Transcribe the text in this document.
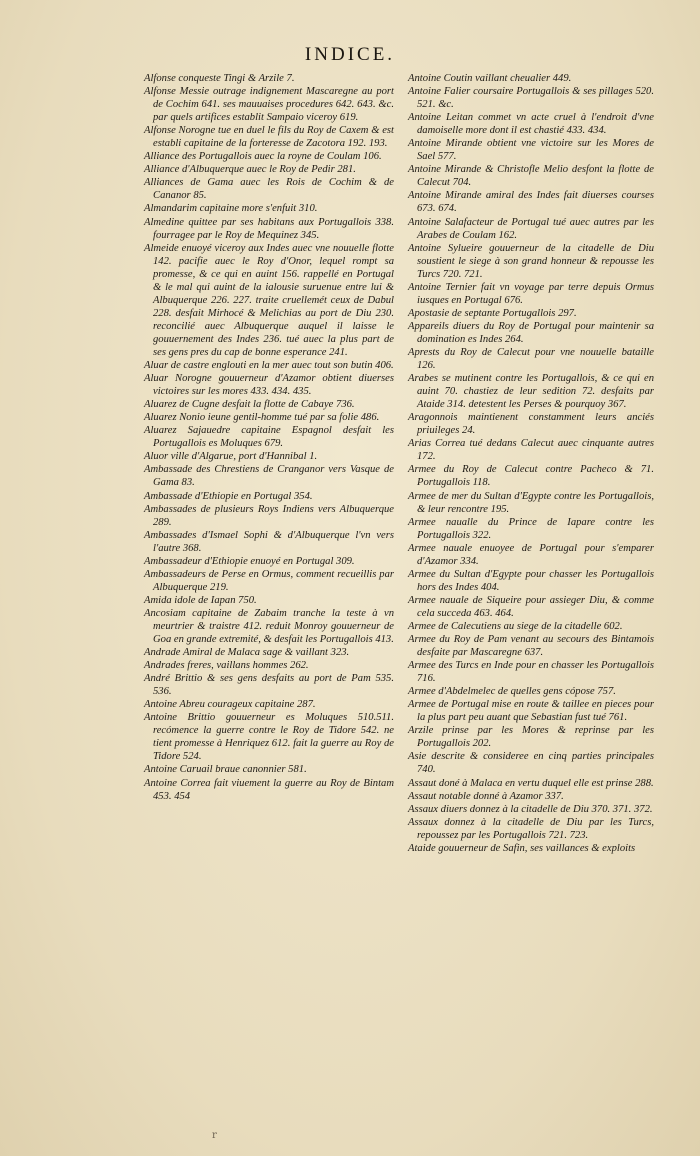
INDICE.

Alfonse conqueste Tingi & Arzile 7.

Alfonse Messie outrage indignement Mascaregne au port de Cochim 641. ses mauuaises procedures 642. 643. &c. par quels artifices establit Sampaio viceroy 619.

Alfonse Norogne tue en duel le fils du Roy de Caxem & est establi capitaine de la forteresse de Zacotora 192. 193.

Alliance des Portugallois auec la royne de Coulam 106.

Alliance d'Albuquerque auec le Roy de Pedir 281.

Alliances de Gama auec les Rois de Cochim & de Cananor 85.

Almandarim capitaine more s'enfuit 310.

Almedine quittee par ses habitans aux Portugallois 338. fourragee par le Roy de Mequinez 345.

Almeide enuoyé viceroy aux Indes auec vne nouuelle flotte 142. pacifie auec le Roy d'Onor, lequel rompt sa promesse, & ce qui en auint 156. rappellé en Portugal & le mal qui auint de la ialousie suruenue entre lui & Albuquerque 226. 227. traite cruellemét ceux de Dabul 228. desfait Mirhocé & Melichias au port de Diu 230. reconcilié auec Albuquerque auquel il laisse le gouuernement des Indes 236. tué auec la plus part de ses gens pres du cap de bonne esperance 241.

Aluar de castre englouti en la mer auec tout son butin 406.

Aluar Norogne gouuerneur d'Azamor obtient diuerses victoires sur les mores 433. 434. 435.

Aluarez de Cugne desfait la flotte de Cabaye 736.

Aluarez Nonio ieune gentil-homme tué par sa folie 486.

Aluarez Sajauedre capitaine Espagnol desfait les Portugallois es Moluques 679.

Aluor ville d'Algarue, port d'Hannibal 1.

Ambassade des Chrestiens de Cranganor vers Vasque de Gama 83.

Ambassade d'Ethiopie en Portugal 354.

Ambassades de plusieurs Roys Indiens vers Albuquerque 289.

Ambassades d'Ismael Sophi & d'Albuquerque l'vn vers l'autre 368.

Ambassadeur d'Ethiopie enuoyé en Portugal 309.

Ambassadeurs de Perse en Ormus, comment recueillis par Albuquerque 219.

Amida idole de Iapan 750.

Ancosiam capitaine de Zabaim tranche la teste à vn meurtrier & traistre 412. reduit Monroy gouuerneur de Goa en grande extremité, & desfait les Portugallois 413.

Andrade Amiral de Malaca sage & vaillant 323.

Andrades freres, vaillans hommes 262.

André Brittio & ses gens desfaits au port de Pam 535. 536.

Antoine Abreu courageux capitaine 287.

Antoine Brittio gouuerneur es Moluques 510.511. recómence la guerre contre le Roy de Tidore 542. ne tient promesse à Henriquez 612. fait la guerre au Roy de Tidore 524.

Antoine Caruail braue canonnier 581.

Antoine Correa fait viuement la guerre au Roy de Bintam 453. 454

Antoine Coutin vaillant cheualier 449.

Antoine Falier coursaire Portugallois & ses pillages 520. 521. &c.

Antoine Leitan commet vn acte cruel à l'endroit d'vne damoiselle more dont il est chastié 433. 434.

Antoine Mirande obtient vne victoire sur les Mores de Sael 577.

Antoine Mirande & Christofle Melio desfont la flotte de Calecut 704.

Antoine Mirande amiral des Indes fait diuerses courses 673. 674.

Antoine Salafacteur de Portugal tué auec autres par les Arabes de Coulam 162.

Antoine Sylueire gouuerneur de la citadelle de Diu soustient le siege à son grand honneur & repousse les Turcs 720. 721.

Antoine Ternier fait vn voyage par terre depuis Ormus iusques en Portugal 676.

Apostasie de septante Portugallois 297.

Appareils diuers du Roy de Portugal pour maintenir sa domination es Indes 264.

Aprests du Roy de Calecut pour vne nouuelle bataille 126.

Arabes se mutinent contre les Portugallois, & ce qui en auint 70. chastiez de leur sedition 72. desfaits par Ataide 314. detestent les Perses & pourquoy 367.

Aragonnois maintienent constamment leurs anciés priuileges 24.

Arias Correa tué dedans Calecut auec cinquante autres 172.

Armee du Roy de Calecut contre Pacheco & 71. Portugallois 118.

Armee de mer du Sultan d'Egypte contre les Portugallois, & leur rencontre 195.

Armee naualle du Prince de Iapare contre les Portugallois 322.

Armee nauale enuoyee de Portugal pour s'emparer d'Azamor 334.

Armee du Sultan d'Egypte pour chasser les Portugallois hors des Indes 404.

Armee nauale de Siqueire pour assieger Diu, & comme cela succeda 463. 464.

Armee de Calecutiens au siege de la citadelle 602.

Armee du Roy de Pam venant au secours des Bintamois desfaite par Mascaregne 637.

Armee des Turcs en Inde pour en chasser les Portugallois 716.

Armee d'Abdelmelec de quelles gens cópose 757.

Armee de Portugal mise en route & taillee en pieces pour la plus part peu auant que Sebastian fust tué 761.

Arzile prinse par les Mores & reprinse par les Portugallois 202.

Asie descrite & consideree en cinq parties principales 740.

Assaut doné à Malaca en vertu duquel elle est prinse 288.

Assaut notable donné à Azamor 337.

Assaux diuers donnez à la citadelle de Diu 370. 371. 372.

Assaux donnez à la citadelle de Diu par les Turcs, repoussez par les Portugallois 721. 723.

Ataide gouuerneur de Safin, ses vaillances & exploits

r
